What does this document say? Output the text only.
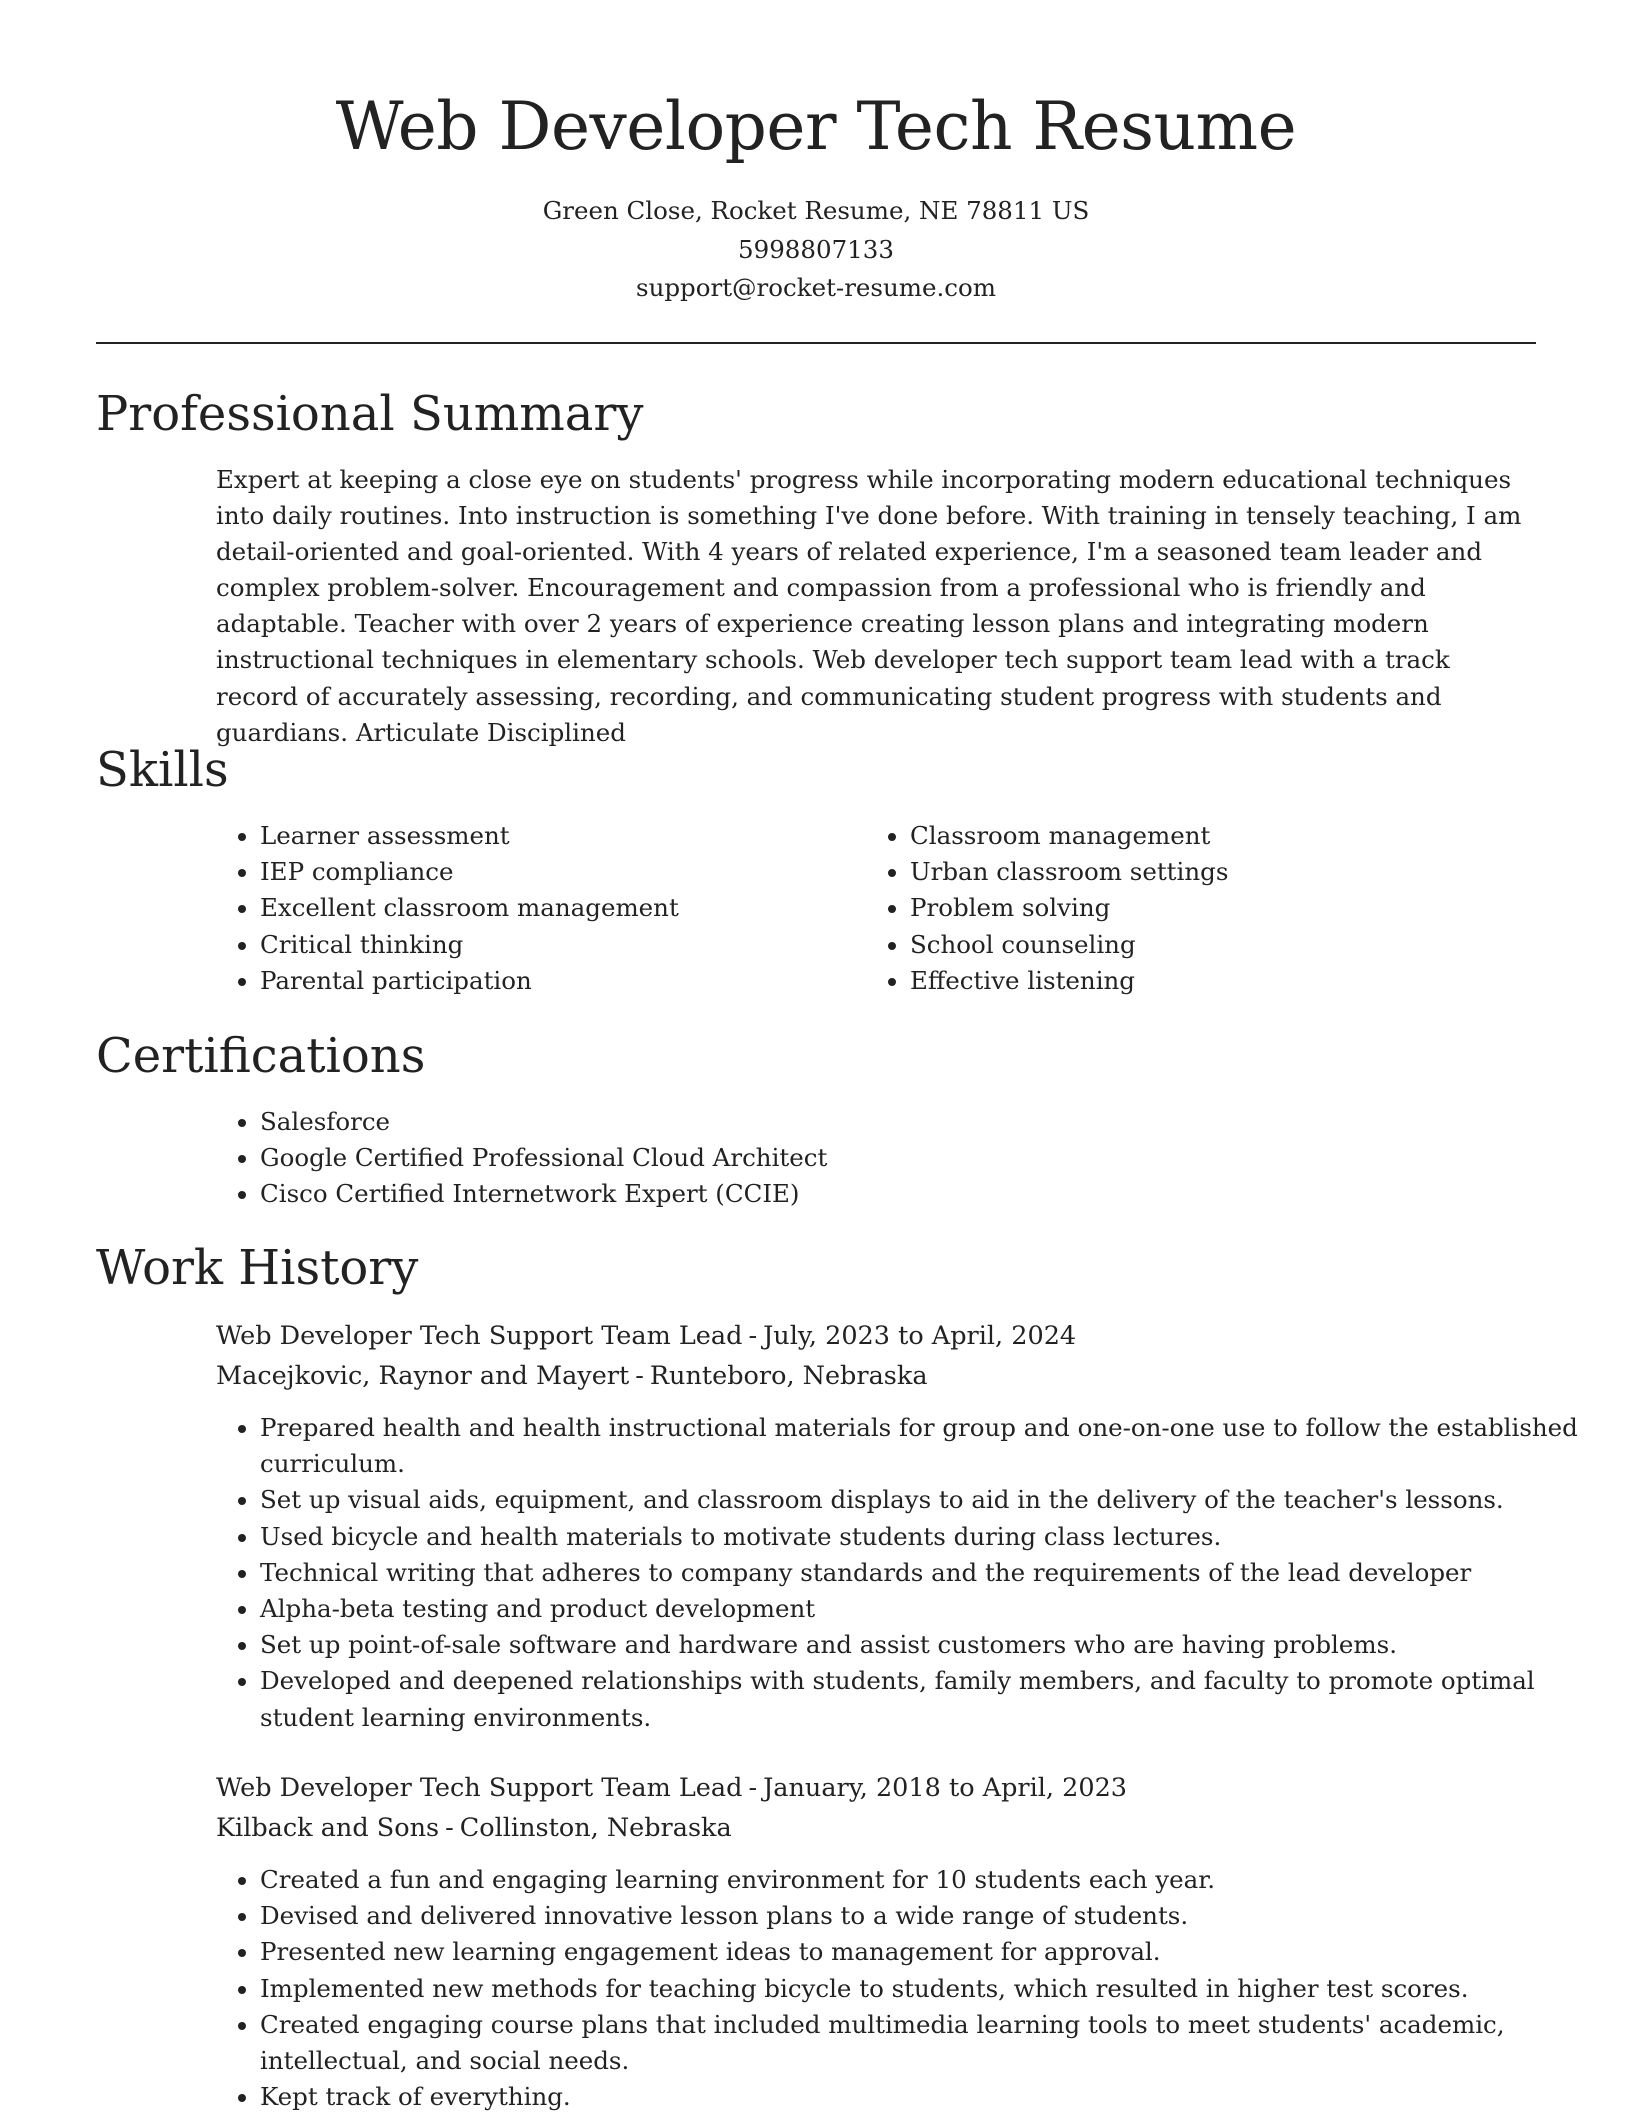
Web Developer Tech Resume
Green Close, Rocket Resume, NE 78811 US
5998807133
support@rocket-resume.com
Professional Summary

Expert at keeping a close eye on students' progress while incorporating modern educational techniques into daily routines. Into instruction is something I've done before. With training in tensely teaching, I am detail-oriented and goal-oriented. With 4 years of related experience, I'm a seasoned team leader and complex problem-solver. Encouragement and compassion from a professional who is friendly and adaptable. Teacher with over 2 years of experience creating lesson plans and integrating modern instructional techniques in elementary schools. Web developer tech support team lead with a track record of accurately assessing, recording, and communicating student progress with students and guardians. Articulate Disciplined

Skills
• Learner assessment
• IEP compliance
• Excellent classroom management
• Critical thinking
• Parental participation
• Classroom management
• Urban classroom settings
• Problem solving
• School counseling
• Effective listening
Certifications
• Salesforce
• Google Certified Professional Cloud Architect
• Cisco Certified Internetwork Expert (CCIE)
Work History
Web Developer Tech Support Team Lead - July, 2023 to April, 2024
Macejkovic, Raynor and Mayert - Runteboro, Nebraska
• Prepared health and health instructional materials for group and one-on-one use to follow the established curriculum.
• Set up visual aids, equipment, and classroom displays to aid in the delivery of the teacher's lessons.
• Used bicycle and health materials to motivate students during class lectures.
• Technical writing that adheres to company standards and the requirements of the lead developer
• Alpha-beta testing and product development
• Set up point-of-sale software and hardware and assist customers who are having problems.
• Developed and deepened relationships with students, family members, and faculty to promote optimal student learning environments.
Web Developer Tech Support Team Lead - January, 2018 to April, 2023
Kilback and Sons - Collinston, Nebraska
• Created a fun and engaging learning environment for 10 students each year.
• Devised and delivered innovative lesson plans to a wide range of students.
• Presented new learning engagement ideas to management for approval.
• Implemented new methods for teaching bicycle to students, which resulted in higher test scores.
• Created engaging course plans that included multimedia learning tools to meet students' academic, intellectual, and social needs.
• Kept track of everything.
